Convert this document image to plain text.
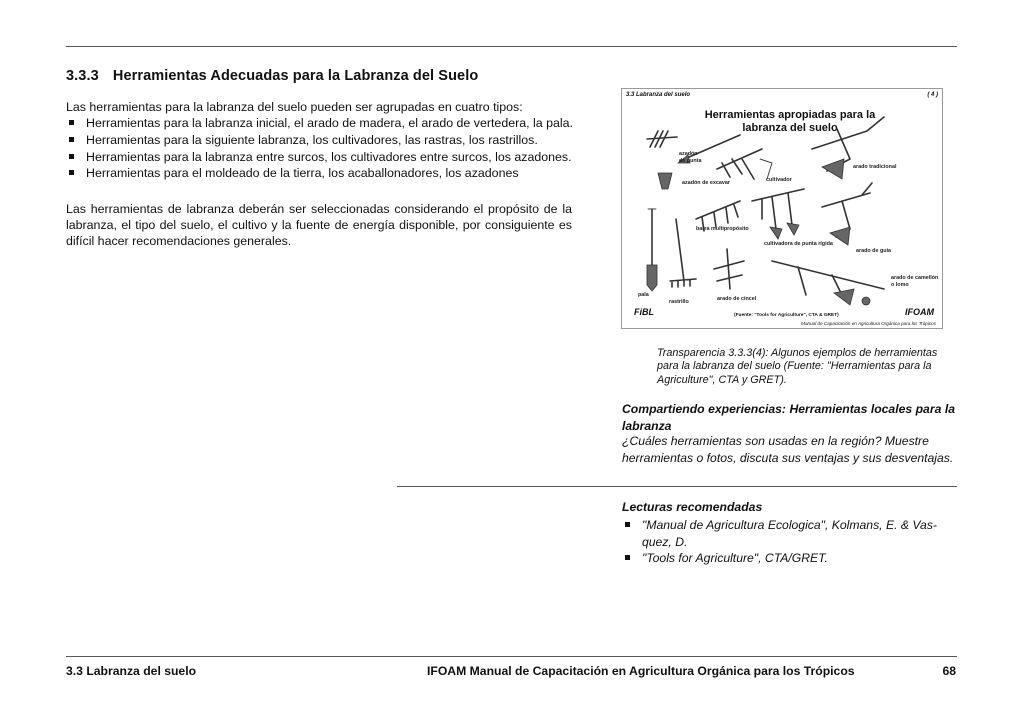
3.3.3 Herramientas Adecuadas para la Labranza del Suelo
Las herramientas para la labranza del suelo pueden ser agrupadas en cuatro tipos:
Herramientas para la labranza inicial, el arado de madera, el arado de vertedera, la pala.
Herramientas para la siguiente labranza, los cultivadores, las rastras, los rastrillos.
Herramientas para la labranza entre surcos, los cultivadores entre surcos, los azadones.
Herramientas para el moldeado de la tierra, los acaballonadores, los azadones
Las herramientas de labranza deberán ser seleccionadas considerando el propósito de la labranza, el tipo del suelo, el cultivo y la fuente de energía disponible, por consiguiente es difícil hacer recomendaciones generales.
3.3 Labranza del suelo	( 4 )
Herramientas apropiadas para la
labranza del suelo
azadón
de punta
arado tradicional
azadón de excavar	cultivador
barra multipropósito
cultivadora de punta rígida
arado de guía
arado de camellón
o lomo
pala
rastrillo	arado de cincel
FiBL	IFOAM
(Fuente: "Tools for Agriculture", CTA & GRET)
Manual de Capacitación en Agricultura Orgánica para los Trópicos
Transparencia 3.3.3(4): Algunos ejemplos de herramientas para la labranza del suelo (Fuente: "Herramientas para la Agriculture", CTA y GRET).
Compartiendo experiencias: Herramientas locales para la labranza
¿Cuáles herramientas son usadas en la región? Muestre herramientas o fotos, discuta sus ventajas y sus desventajas.
Lecturas recomendadas
"Manual de Agricultura Ecologica", Kolmans, E. & Vas-quez, D.
"Tools for Agriculture", CTA/GRET.
3.3 Labranza del suelo	IFOAM Manual de Capacitación en Agricultura Orgánica para los Trópicos	68
